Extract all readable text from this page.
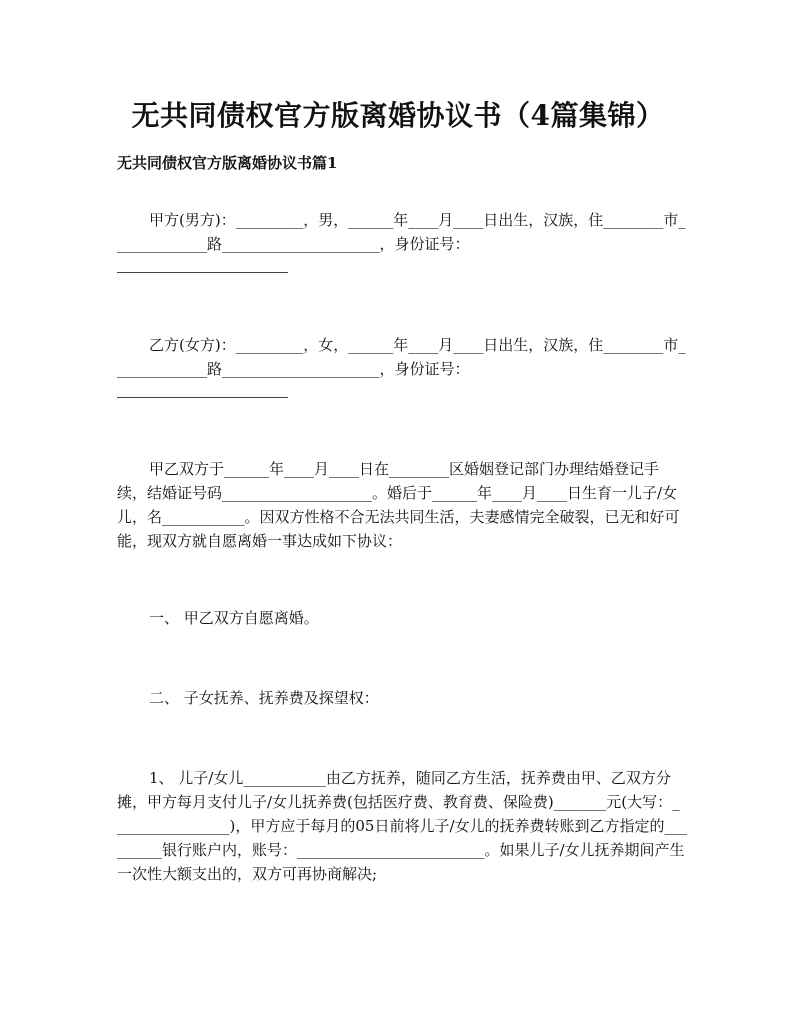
无共同债权官方版离婚协议书（4篇集锦）

无共同债权官方版离婚协议书篇1

甲方(男方)：_________，男，______年____月____日出生，汉族，住________市_____________路_____________________，身份证号：

乙方(女方)：_________，女，______年____月____日出生，汉族，住________市_____________路_____________________，身份证号：

甲乙双方于______年____月____日在________区婚姻登记部门办理结婚登记手续，结婚证号码____________________。婚后于______年____月____日生育一儿子/女儿，名___________。因双方性格不合无法共同生活，夫妻感情完全破裂，已无和好可能，现双方就自愿离婚一事达成如下协议：

一、 甲乙双方自愿离婚。

二、 子女抚养、抚养费及探望权：

1、 儿子/女儿___________由乙方抚养，随同乙方生活，抚养费由甲、乙双方分摊，甲方每月支付儿子/女儿抚养费(包括医疗费、教育费、保险费)_______元(大写：________________)，甲方应于每月的05日前将儿子/女儿的抚养费转账到乙方指定的_________银行账户内，账号：_________________________。如果儿子/女儿抚养期间产生一次性大额支出的，双方可再协商解决;
